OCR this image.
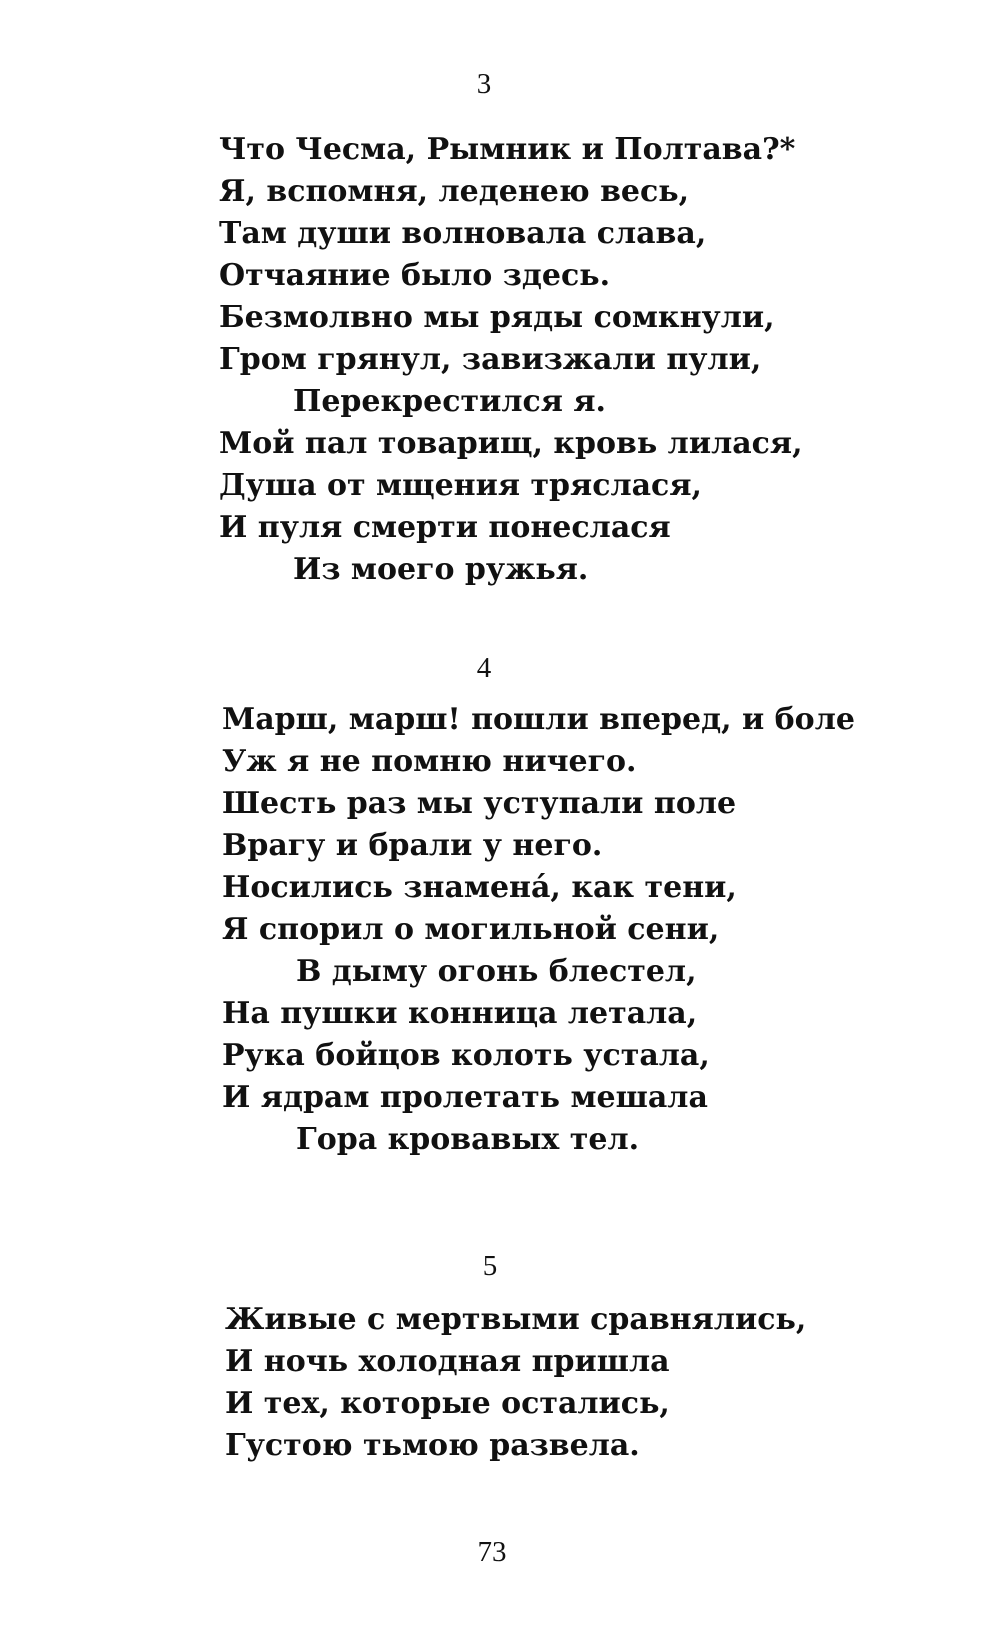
3
Что Чесма, Рымник и Полтава?*
Я, вспомня, леденею весь,
Там души волновала слава,
Отчаяние было здесь.
Безмолвно мы ряды сомкнули,
Гром грянул, завизжали пули,
Перекрестился я.
Мой пал товарищ, кровь лилася,
Душа от мщения тряслася,
И пуля смерти понеслася
Из моего ружья.
4
Марш, марш! пошли вперед, и боле
Уж я не помню ничего.
Шесть раз мы уступали поле
Врагу и брали у него.
Носились знамена́, как тени,
Я спорил о могильной сени,
В дыму огонь блестел,
На пушки конница летала,
Рука бойцов колоть устала,
И ядрам пролетать мешала
Гора кровавых тел.
5
Живые с мертвыми сравнялись,
И ночь холодная пришла
И тех, которые остались,
Густою тьмою развела.
73
